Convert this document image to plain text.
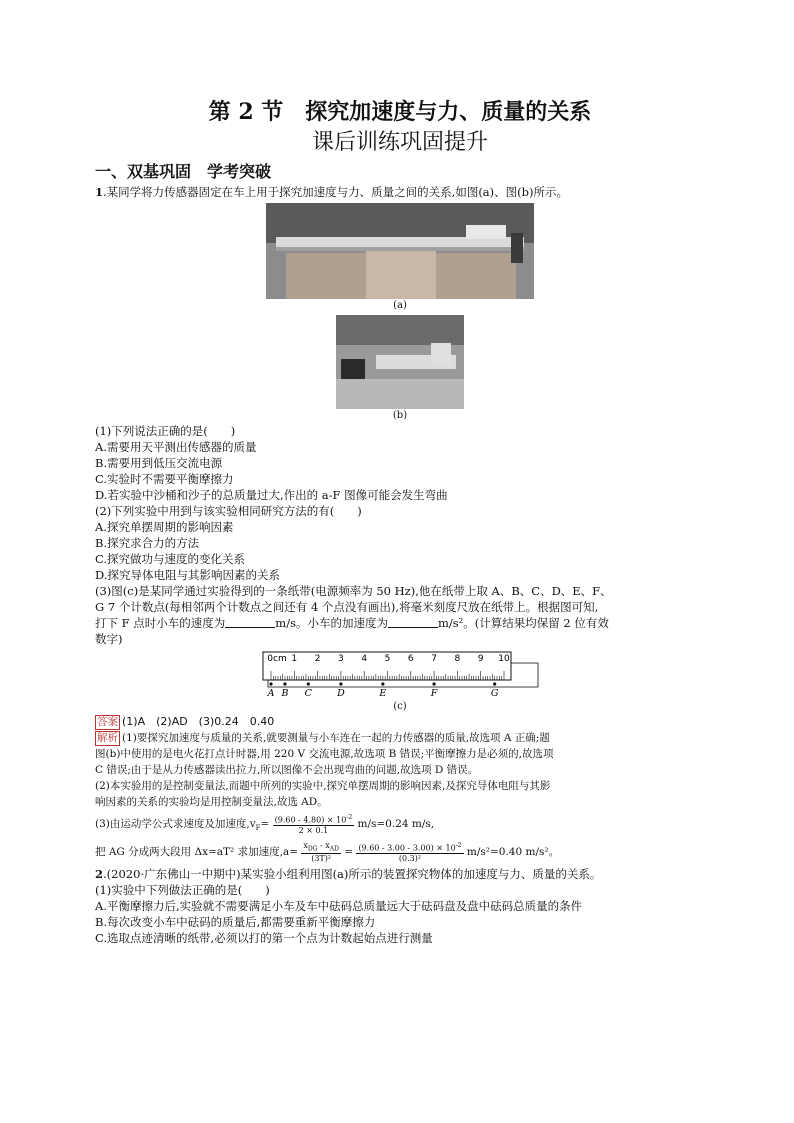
第 2 节　探究加速度与力、质量的关系
课后训练巩固提升
一、双基巩固　学考突破
1.某同学将力传感器固定在车上用于探究加速度与力、质量之间的关系,如图(a)、图(b)所示。
(a)
(b)
(1)下列说法正确的是(　　)
A.需要用天平测出传感器的质量
B.需要用到低压交流电源
C.实验时不需要平衡摩擦力
D.若实验中沙桶和沙子的总质量过大,作出的 a-F 图像可能会发生弯曲
(2)下列实验中用到与该实验相同研究方法的有(　　)
A.探究单摆周期的影响因素
B.探究求合力的方法
C.探究做功与速度的变化关系
D.探究导体电阻与其影响因素的关系
(3)图(c)是某同学通过实验得到的一条纸带(电源频率为 50 Hz),他在纸带上取 A、B、C、D、E、F、
G 7 个计数点(每相邻两个计数点之间还有 4 个点没有画出),将毫米刻度尺放在纸带上。根据图可知,
打下 F 点时小车的速度为	m/s。小车的加速度为	m/s²。(计算结果均保留 2 位有效
数字)
0cm 1 2 3 4 5 6 7 8 9 10
A B C	D	E	F	G
(c)
答案 (1)A　(2)AD　(3)0.24　0.40
解析 (1)要探究加速度与质量的关系,就要测量与小车连在一起的力传感器的质量,故选项 A 正确;题
图(b)中使用的是电火花打点计时器,用 220 V 交流电源,故选项 B 错误;平衡摩擦力是必须的,故选项
C 错误;由于是从力传感器读出拉力,所以图像不会出现弯曲的问题,故选项 D 错误。
(2)本实验用的是控制变量法,而题中所列的实验中,探究单摆周期的影响因素,及探究导体电阻与其影
响因素的关系的实验均是用控制变量法,故选 AD。
(3)由运动学公式求速度及加速度$,v_F= \frac{(9.60 - 4.80) \times 10^{-2}}{2 \times 0.1} m/s=0.24$ m/s,
把 AG 分成两大段用 Δx=aT² 求加速度$,a= \frac{x_{DG} - x_{AD}}{\text{(3T)²}} = \frac{(9.60 - 3.00 - 3.00) \times 10^{-2}}{\text{(0.3)²}} m/s^2=0.40$ m/s²。
2.(2020·广东佛山一中期中)某实验小组利用图(a)所示的装置探究物体的加速度与力、质量的关系。
(1)实验中下列做法正确的是(　　)
A.平衡摩擦力后,实验就不需要满足小车及车中砝码总质量远大于砝码盘及盘中砝码总质量的条件
B.每次改变小车中砝码的质量后,都需要重新平衡摩擦力
C.选取点迹清晰的纸带,必须以打的第一个点为计数起始点进行测量
